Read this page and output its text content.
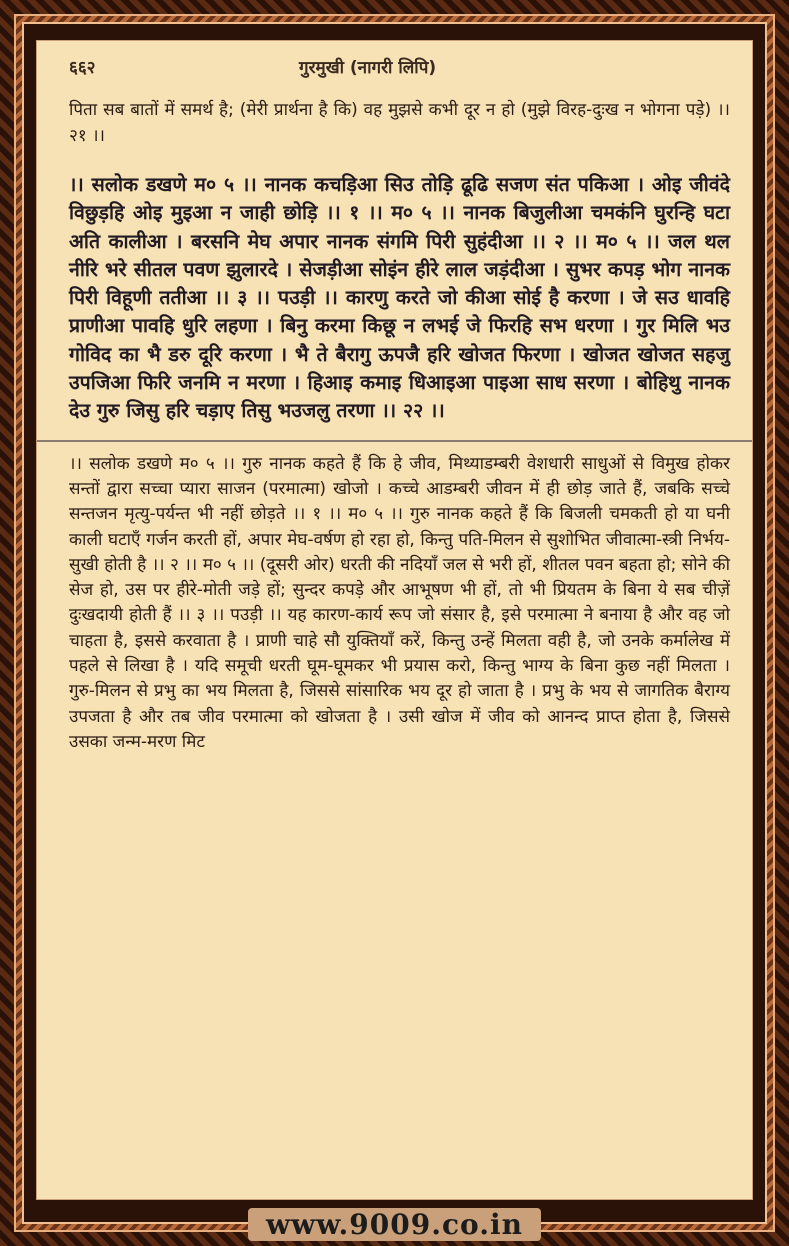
६६२	गुरमुखी (नागरी लिपि)
पिता सब बातों में समर्थ है; (मेरी प्रार्थना है कि) वह मुझसे कभी दूर न हो (मुझे विरह-दुःख न भोगना पड़े) ।। २१ ।।
।। सलोक डखणे म० ५ ।। नानक कचड़िआ सिउ तोड़ि ढूढि सजण संत पकिआ । ओइ जीवंदे विछुड़हि ओइ मुइआ न जाही छोड़ि ।। १ ।। म० ५ ।। नानक बिजुलीआ चमकंनि घुरन्हि घटा अति कालीआ । बरसनि मेघ अपार नानक संगमि पिरी सुहंदीआ ।। २ ।। म० ५ ।। जल थल नीरि भरे सीतल पवण झुलारदे । सेजड़ीआ सोइंन हीरे लाल जड़ंदीआ । सुभर कपड़ भोग नानक पिरी विहूणी ततीआ ।। ३ ।। पउड़ी ।। कारणु करते जो कीआ सोई है करणा । जे सउ धावहि प्राणीआ पावहि धुरि लहणा । बिनु करमा किछू न लभई जे फिरहि सभ धरणा । गुर मिलि भउ गोविद का भै डरु दूरि करणा । भै ते बैरागु ऊपजै हरि खोजत फिरणा । खोजत खोजत सहजु उपजिआ फिरि जनमि न मरणा । हिआइ कमाइ धिआइआ पाइआ साध सरणा । बोहिथु नानक देउ गुरु जिसु हरि चड़ाए तिसु भउजलु तरणा ।। २२ ।।
।। सलोक डखणे म० ५ ।। गुरु नानक कहते हैं कि हे जीव, मिथ्याडम्बरी वेशधारी साधुओं से विमुख होकर सन्तों द्वारा सच्चा प्यारा साजन (परमात्मा) खोजो । कच्चे आडम्बरी जीवन में ही छोड़ जाते हैं, जबकि सच्चे सन्तजन मृत्यु-पर्यन्त भी नहीं छोड़ते ।। १ ।। म० ५ ।। गुरु नानक कहते हैं कि बिजली चमकती हो या घनी काली घटाएँ गर्जन करती हों, अपार मेघ-वर्षण हो रहा हो, किन्तु पति-मिलन से सुशोभित जीवात्मा-स्त्री निर्भय-सुखी होती है ।। २ ।। म० ५ ।। (दूसरी ओर) धरती की नदियाँ जल से भरी हों, शीतल पवन बहता हो; सोने की सेज हो, उस पर हीरे-मोती जड़े हों; सुन्दर कपड़े और आभूषण भी हों, तो भी प्रियतम के बिना ये सब चीज़ें दुःखदायी होती हैं ।। ३ ।। पउड़ी ।। यह कारण-कार्य रूप जो संसार है, इसे परमात्मा ने बनाया है और वह जो चाहता है, इससे करवाता है । प्राणी चाहे सौ युक्तियाँ करें, किन्तु उन्हें मिलता वही है, जो उनके कर्मालेख में पहले से लिखा है । यदि समूची धरती घूम-घूमकर भी प्रयास करो, किन्तु भाग्य के बिना कुछ नहीं मिलता । गुरु-मिलन से प्रभु का भय मिलता है, जिससे सांसारिक भय दूर हो जाता है । प्रभु के भय से जागतिक बैराग्य उपजता है और तब जीव परमात्मा को खोजता है । उसी खोज में जीव को आनन्द प्राप्त होता है, जिससे उसका जन्म-मरण मिट
www.9009.co.in
